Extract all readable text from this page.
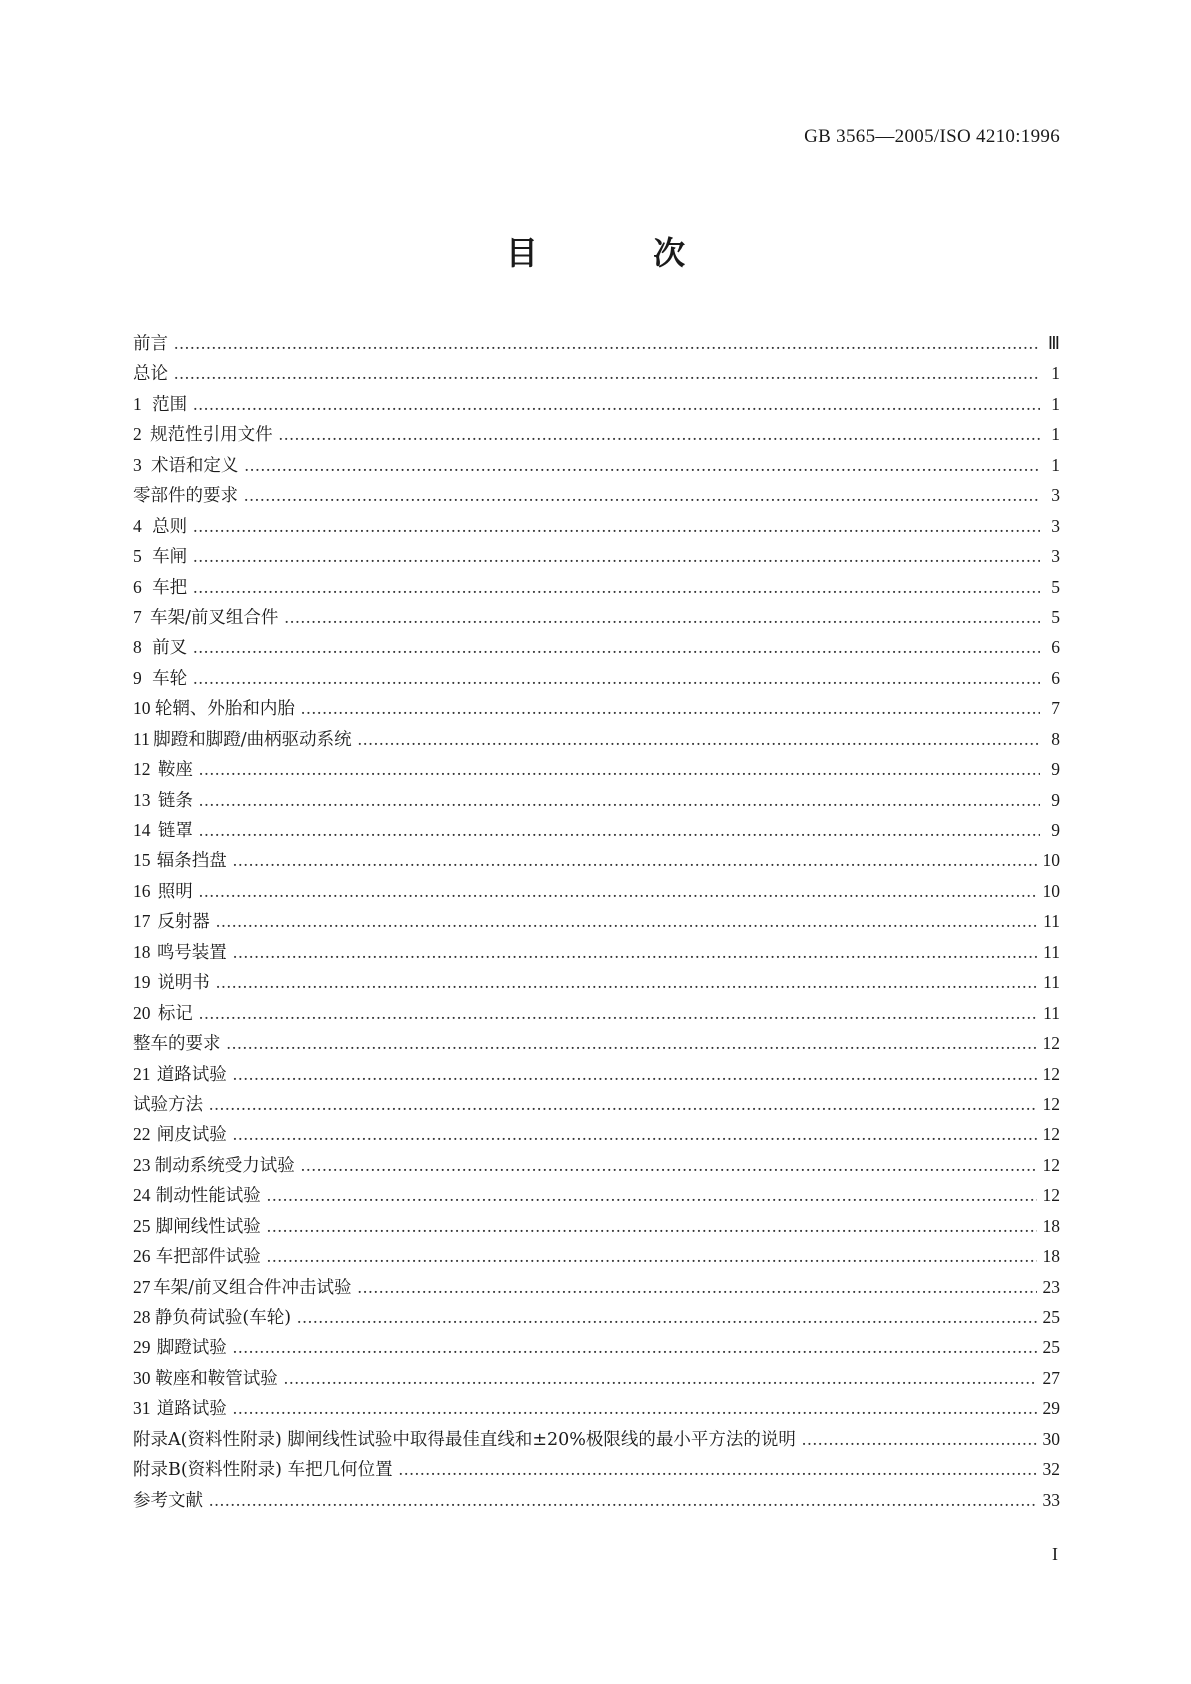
GB 3565—2005/ISO 4210:1996
目 次
前言 .....	Ⅲ
总论 .....	1
1 范围 .....	1
2 规范性引用文件 .....	1
3 术语和定义 .....	1
零部件的要求 .....	3
4 总则 .....	3
5 车闸 .....	3
6 车把 .....	5
7 车架/前叉组合件 .....	5
8 前叉 .....	6
9 车轮 .....	6
10 轮辋、外胎和内胎 .....	7
11 脚蹬和脚蹬/曲柄驱动系统 .....	8
12 鞍座 .....	9
13 链条 .....	9
14 链罩 .....	9
15 辐条挡盘 .....	10
16 照明 .....	10
17 反射器 .....	11
18 鸣号装置 .....	11
19 说明书 .....	11
20 标记 .....	11
整车的要求 .....	12
21 道路试验 .....	12
试验方法 .....	12
22 闸皮试验 .....	12
23 制动系统受力试验 .....	12
24 制动性能试验 .....	12
25 脚闸线性试验 .....	18
26 车把部件试验 .....	18
27 车架/前叉组合件冲击试验 .....	23
28 静负荷试验(车轮) .....	25
29 脚蹬试验 .....	25
30 鞍座和鞍管试验 .....	27
31 道路试验 .....	29
附录A(资料性附录) 脚闸线性试验中取得最佳直线和±20%极限线的最小平方法的说明 .....	30
附录B(资料性附录) 车把几何位置 .....	32
参考文献 .....	33
I
